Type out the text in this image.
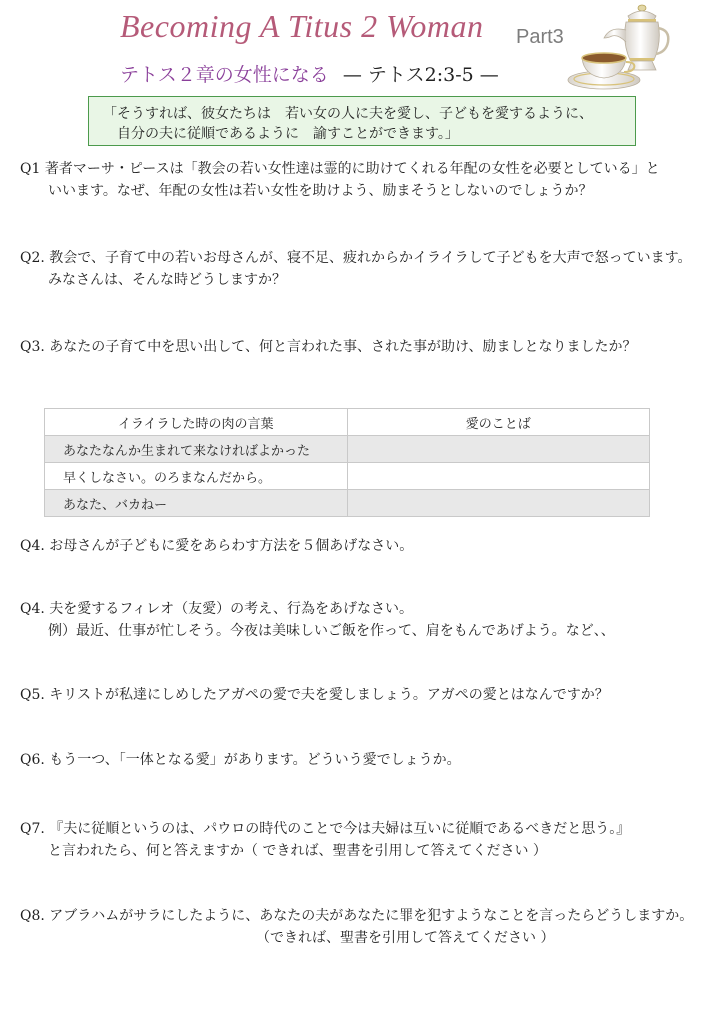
Becoming A Titus 2 Woman Part3
テトス２章の女性になる — テトス2:3-5 —
「そうすれば、彼女たちは　若い女の人に夫を愛し、子どもを愛するように、
自分の夫に従順であるように　諭すことができます。」
Q1 著者マーサ・ピースは「教会の若い女性達は霊的に助けてくれる年配の女性を必要としている」と
いいます。なぜ、年配の女性は若い女性を助けよう、励まそうとしないのでしょうか？
Q2. 教会で、子育て中の若いお母さんが、寝不足、疲れからかイライラして子どもを大声で怒っています。
みなさんは、そんな時どうしますか？
Q3. あなたの子育て中を思い出して、何と言われた事、された事が助け、励ましとなりましたか？
イライラした時の肉の言葉	愛のことば
あなたなんか生まれて来なければよかった	
早くしなさい。のろまなんだから。	
あなた、バカねー	
Q4. お母さんが子どもに愛をあらわす方法を５個あげなさい。
Q4. 夫を愛するフィレオ（友愛）の考え、行為をあげなさい。
例）最近、仕事が忙しそう。今夜は美味しいご飯を作って、肩をもんであげよう。など、、
Q5. キリストが私達にしめしたアガペの愛で夫を愛しましょう。アガペの愛とはなんですか？
Q6. もう一つ、「一体となる愛」があります。どういう愛でしょうか。
Q7. 『夫に従順というのは、パウロの時代のことで今は夫婦は互いに従順であるべきだと思う。』
と言われたら、何と答えますか（ できれば、聖書を引用して答えてください ）
Q8. アブラハムがサラにしたように、あなたの夫があなたに罪を犯すようなことを言ったらどうしますか。
（できれば、聖書を引用して答えてください ）
